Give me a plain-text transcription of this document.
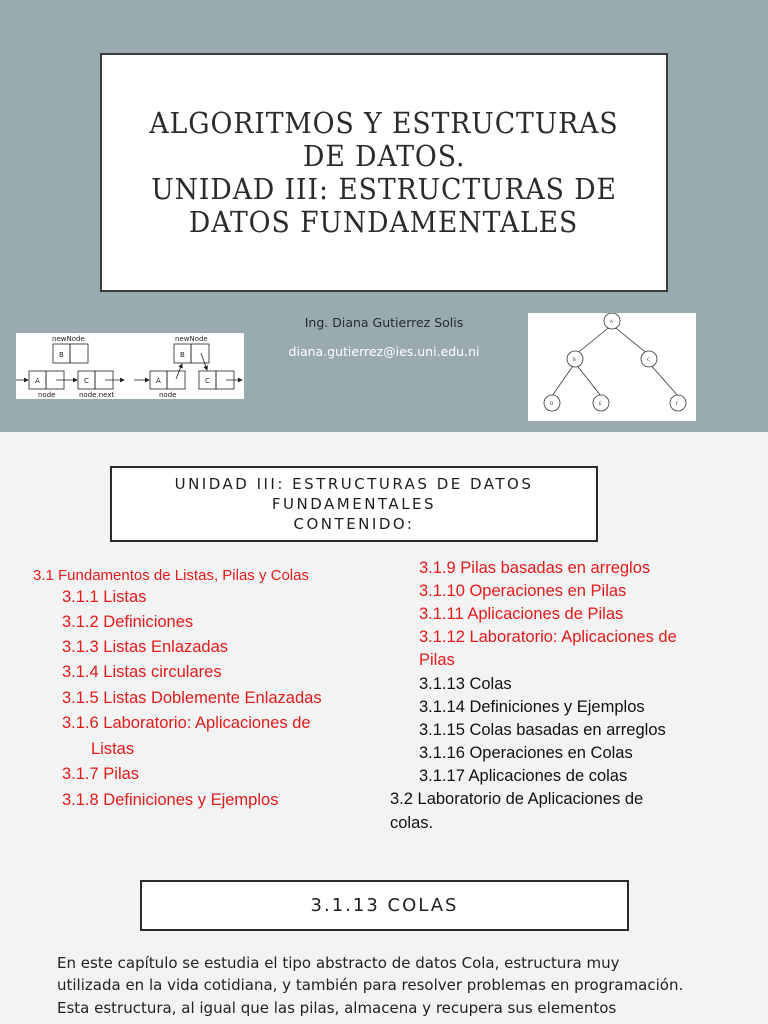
ALGORITMOS Y ESTRUCTURAS
DE DATOS.
UNIDAD III: ESTRUCTURAS DE
DATOS FUNDAMENTALES
Ing. Diana Gutierrez Solis
diana.gutierrez@ies.uni.edu.ni
newNode
B
A	C
node	node.next
newNode
B
A	C
node
A
B	C
D	E	F
UNIDAD III: ESTRUCTURAS DE DATOS
FUNDAMENTALES
CONTENIDO:
3.1 Fundamentos de Listas, Pilas y Colas
3.1.1 Listas
3.1.2 Definiciones
3.1.3 Listas Enlazadas
3.1.4 Listas circulares
3.1.5 Listas Doblemente Enlazadas
3.1.6 Laboratorio: Aplicaciones de
Listas
3.1.7 Pilas
3.1.8 Definiciones y Ejemplos
3.1.9 Pilas basadas en arreglos
3.1.10 Operaciones en Pilas
3.1.11 Aplicaciones de Pilas
3.1.12 Laboratorio: Aplicaciones de
Pilas
3.1.13 Colas
3.1.14 Definiciones y Ejemplos
3.1.15 Colas basadas en arreglos
3.1.16 Operaciones en Colas
3.1.17 Aplicaciones de colas
3.2 Laboratorio de Aplicaciones de
colas.
3.1.13 COLAS
En este capítulo se estudia el tipo abstracto de datos Cola, estructura muy
utilizada en la vida cotidiana, y también para resolver problemas en programación.
Esta estructura, al igual que las pilas, almacena y recupera sus elementos
